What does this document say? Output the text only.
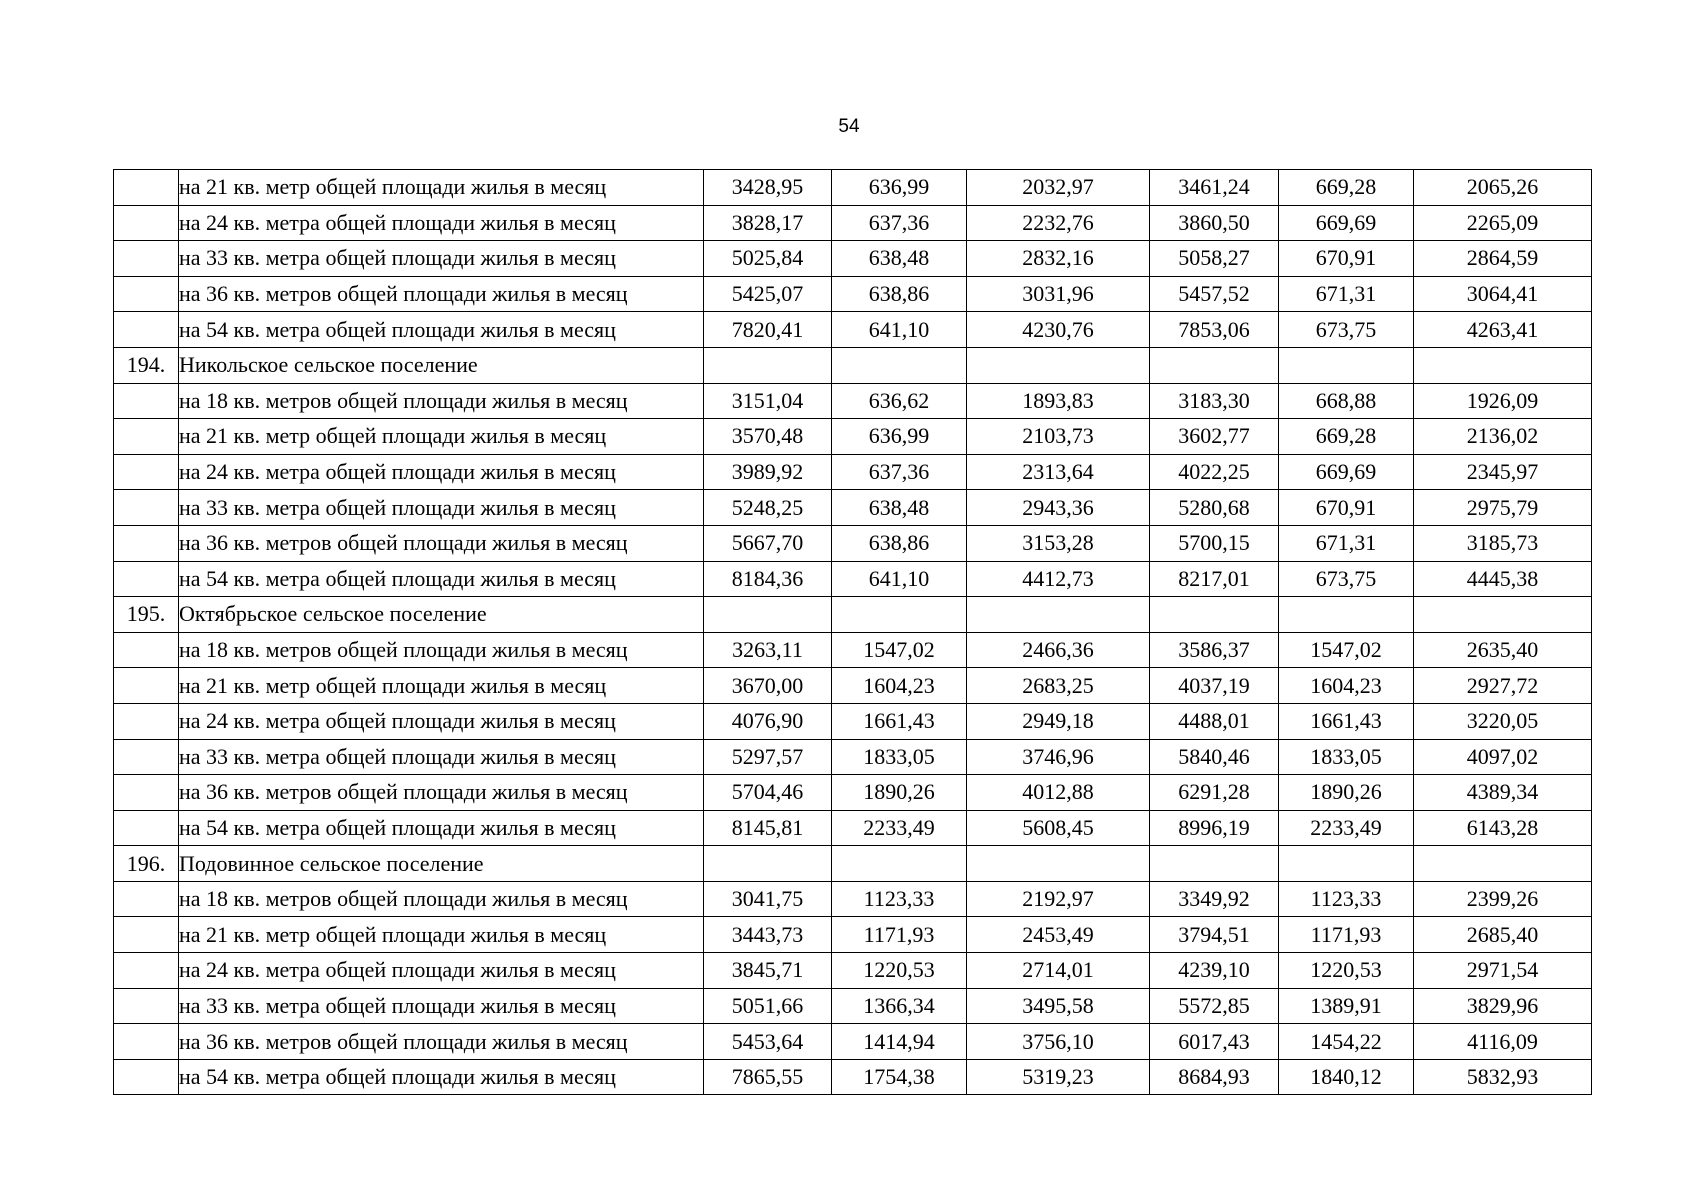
54
	на 21 кв. метр общей площади жилья в месяц	3428,95	636,99	2032,97	3461,24	669,28	2065,26
	на 24 кв. метра общей площади жилья в месяц	3828,17	637,36	2232,76	3860,50	669,69	2265,09
	на 33 кв. метра общей площади жилья в месяц	5025,84	638,48	2832,16	5058,27	670,91	2864,59
	на 36 кв. метров общей площади жилья в месяц	5425,07	638,86	3031,96	5457,52	671,31	3064,41
	на 54 кв. метра общей площади жилья в месяц	7820,41	641,10	4230,76	7853,06	673,75	4263,41
194.	Никольское сельское поселение						
	на 18 кв. метров общей площади жилья в месяц	3151,04	636,62	1893,83	3183,30	668,88	1926,09
	на 21 кв. метр общей площади жилья в месяц	3570,48	636,99	2103,73	3602,77	669,28	2136,02
	на 24 кв. метра общей площади жилья в месяц	3989,92	637,36	2313,64	4022,25	669,69	2345,97
	на 33 кв. метра общей площади жилья в месяц	5248,25	638,48	2943,36	5280,68	670,91	2975,79
	на 36 кв. метров общей площади жилья в месяц	5667,70	638,86	3153,28	5700,15	671,31	3185,73
	на 54 кв. метра общей площади жилья в месяц	8184,36	641,10	4412,73	8217,01	673,75	4445,38
195.	Октябрьское сельское поселение						
	на 18 кв. метров общей площади жилья в месяц	3263,11	1547,02	2466,36	3586,37	1547,02	2635,40
	на 21 кв. метр общей площади жилья в месяц	3670,00	1604,23	2683,25	4037,19	1604,23	2927,72
	на 24 кв. метра общей площади жилья в месяц	4076,90	1661,43	2949,18	4488,01	1661,43	3220,05
	на 33 кв. метра общей площади жилья в месяц	5297,57	1833,05	3746,96	5840,46	1833,05	4097,02
	на 36 кв. метров общей площади жилья в месяц	5704,46	1890,26	4012,88	6291,28	1890,26	4389,34
	на 54 кв. метра общей площади жилья в месяц	8145,81	2233,49	5608,45	8996,19	2233,49	6143,28
196.	Подовинное сельское поселение						
	на 18 кв. метров общей площади жилья в месяц	3041,75	1123,33	2192,97	3349,92	1123,33	2399,26
	на 21 кв. метр общей площади жилья в месяц	3443,73	1171,93	2453,49	3794,51	1171,93	2685,40
	на 24 кв. метра общей площади жилья в месяц	3845,71	1220,53	2714,01	4239,10	1220,53	2971,54
	на 33 кв. метра общей площади жилья в месяц	5051,66	1366,34	3495,58	5572,85	1389,91	3829,96
	на 36 кв. метров общей площади жилья в месяц	5453,64	1414,94	3756,10	6017,43	1454,22	4116,09
	на 54 кв. метра общей площади жилья в месяц	7865,55	1754,38	5319,23	8684,93	1840,12	5832,93
